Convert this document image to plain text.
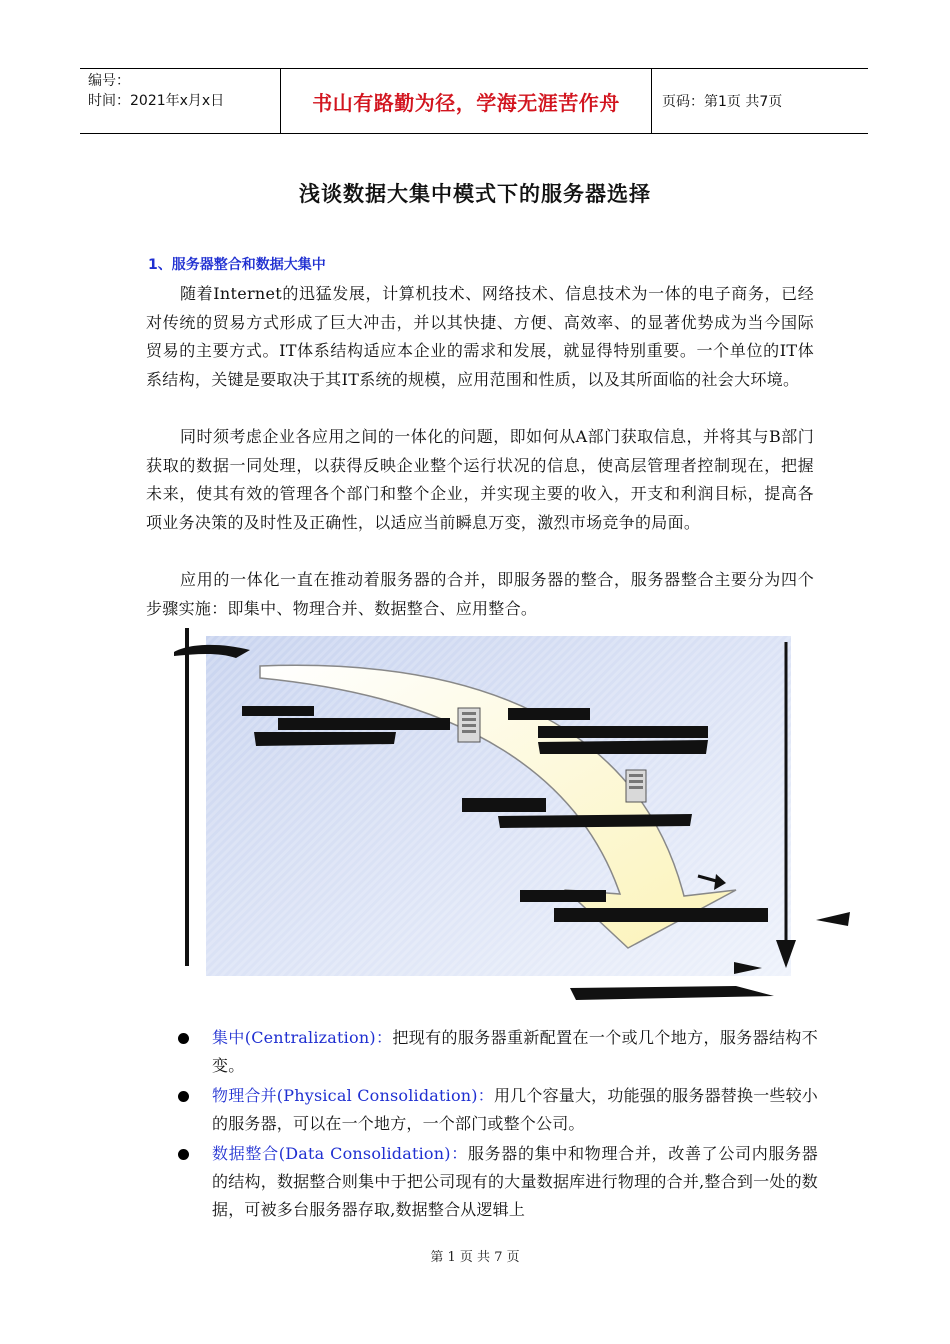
编号：
时间：2021年x月x日	书山有路勤为径，学海无涯苦作舟	页码：第1页 共7页
浅谈数据大集中模式下的服务器选择
1、服务器整合和数据大集中

随着Internet的迅猛发展，计算机技术、网络技术、信息技术为一体的电子商务，已经对传统的贸易方式形成了巨大冲击，并以其快捷、方便、高效率、的显著优势成为当今国际贸易的主要方式。IT体系结构适应本企业的需求和发展，就显得特别重要。一个单位的IT体系结构，关键是要取决于其IT系统的规模，应用范围和性质，以及其所面临的社会大环境。

同时须考虑企业各应用之间的一体化的问题，即如何从A部门获取信息，并将其与B部门获取的数据一同处理，以获得反映企业整个运行状况的信息，使高层管理者控制现在，把握未来，使其有效的管理各个部门和整个企业，并实现主要的收入，开支和利润目标，提高各项业务决策的及时性及正确性，以适应当前瞬息万变，激烈市场竞争的局面。

应用的一体化一直在推动着服务器的合并，即服务器的整合，服务器整合主要分为四个步骤实施：即集中、物理合并、数据整合、应用整合。

集中(Centralization)：把现有的服务器重新配置在一个或几个地方，服务器结构不变。
物理合并(Physical Consolidation)：用几个容量大，功能强的服务器替换一些较小的服务器，可以在一个地方，一个部门或整个公司。
数据整合(Data Consolidation)：服务器的集中和物理合并，改善了公司内服务器的结构，数据整合则集中于把公司现有的大量数据库进行物理的合并,整合到一处的数据，可被多台服务器存取,数据整合从逻辑上
第 1 页 共 7 页
